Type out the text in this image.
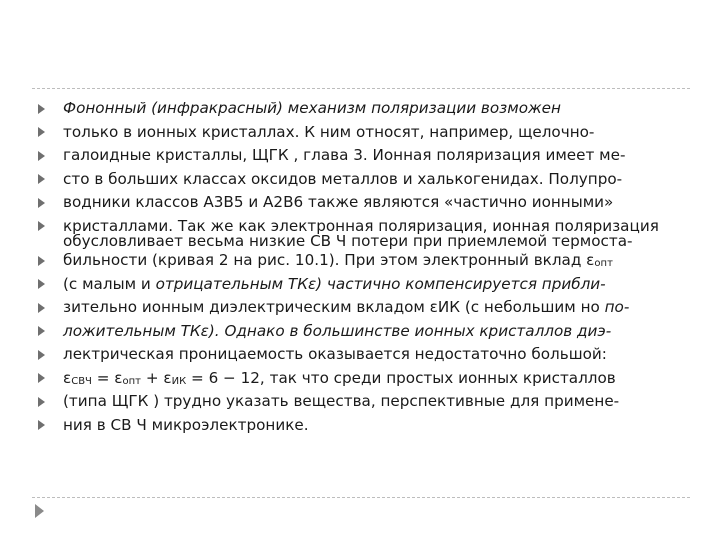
Фононный (инфракрасный) механизм поляризации возможен
только в ионных кристаллах. К ним относят, например, щелочно-
галоидные кристаллы, ЩГК , глава 3. Ионная поляризация имеет ме-
сто в больших классах оксидов металлов и халькогенидах. Полупро-
водники классов А3В5 и А2В6 также являются «частично ионными»
кристаллами. Так же как электронная поляризация, ионная поляризация
обусловливает весьма низкие СВ Ч потери при приемлемой термоста-
бильности (кривая 2 на рис. 10.1). При этом электронный вклад εопт
(с малым и отрицательным ТКε) частично компенсируется прибли-
зительно ионным диэлектрическим вкладом εИК (с небольшим но по-
ложительным ТКε). Однако в большинстве ионных кристаллов диэ-
лектрическая проницаемость оказывается недостаточно большой:
εСВЧ = εопт + εИК = 6 − 12, так что среди простых ионных кристаллов
(типа ЩГК ) трудно указать вещества, перспективные для примене-
ния в СВ Ч микроэлектронике.
